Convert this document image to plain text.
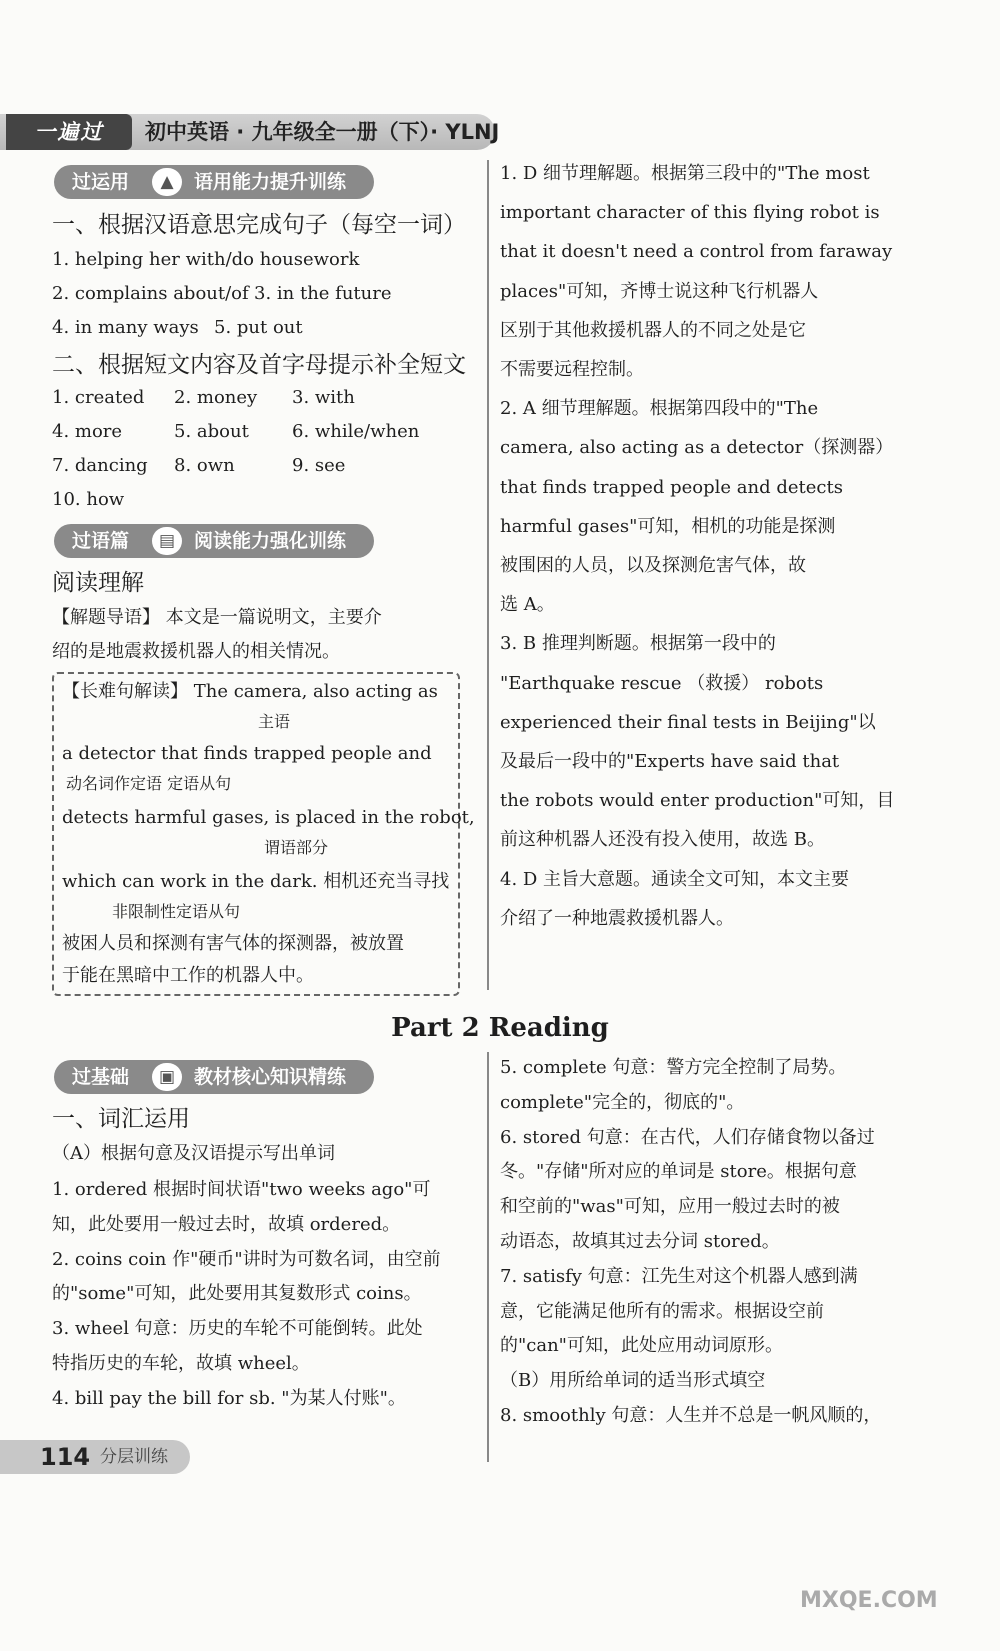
一遍过	初中英语 · 九年级全一册（下）· YLNJ
过运用	▲	语用能力提升训练
一、根据汉语意思完成句子（每空一词）
1. helping her with/do housework
2. complains about/of 3. in the future
4. in many ways 5. put out
二、根据短文内容及首字母提示补全短文
1. created 2. money 3. with
4. more	5. about 6. while/when
7. dancing 8. own	9. see
10. how
过语篇	▤ 阅读能力强化训练
阅读理解
【解题导语】 本文是一篇说明文，主要介
绍的是地震救援机器人的相关情况。
【长难句解读】 The camera, also acting as
主语
a detector that finds trapped people and
动名词作定语 定语从句
detects harmful gases, is placed in the robot,
谓语部分
which can work in the dark. 相机还充当寻找
非限制性定语从句
被困人员和探测有害气体的探测器，被放置
于能在黑暗中工作的机器人中。
1. D 细节理解题。根据第三段中的"The most
important character of this flying robot is
that it doesn't need a control from faraway
places"可知，齐博士说这种飞行机器人
区别于其他救援机器人的不同之处是它
不需要远程控制。
2. A 细节理解题。根据第四段中的"The
camera, also acting as a detector（探测器）
that finds trapped people and detects
harmful gases"可知，相机的功能是探测
被围困的人员，以及探测危害气体，故
选 A。
3. B 推理判断题。根据第一段中的
"Earthquake rescue （救援） robots
experienced their final tests in Beijing"以
及最后一段中的"Experts have said that
the robots would enter production"可知，目
前这种机器人还没有投入使用，故选 B。
4. D 主旨大意题。通读全文可知，本文主要
介绍了一种地震救援机器人。
Part 2 Reading
过基础	▣ 教材核心知识精练
一、词汇运用
（A）根据句意及汉语提示写出单词
1. ordered 根据时间状语"two weeks ago"可
知，此处要用一般过去时，故填 ordered。
2. coins coin 作"硬币"讲时为可数名词，由空前
的"some"可知，此处要用其复数形式 coins。
3. wheel 句意：历史的车轮不可能倒转。此处
特指历史的车轮，故填 wheel。
4. bill pay the bill for sb. "为某人付账"。
5. complete 句意：警方完全控制了局势。
complete"完全的，彻底的"。
6. stored 句意：在古代，人们存储食物以备过
冬。"存储"所对应的单词是 store。根据句意
和空前的"was"可知，应用一般过去时的被
动语态，故填其过去分词 stored。
7. satisfy 句意：江先生对这个机器人感到满
意，它能满足他所有的需求。根据设空前
的"can"可知，此处应用动词原形。
（B）用所给单词的适当形式填空
8. smoothly 句意：人生并不总是一帆风顺的，
114 分层训练
MXQE.COM
